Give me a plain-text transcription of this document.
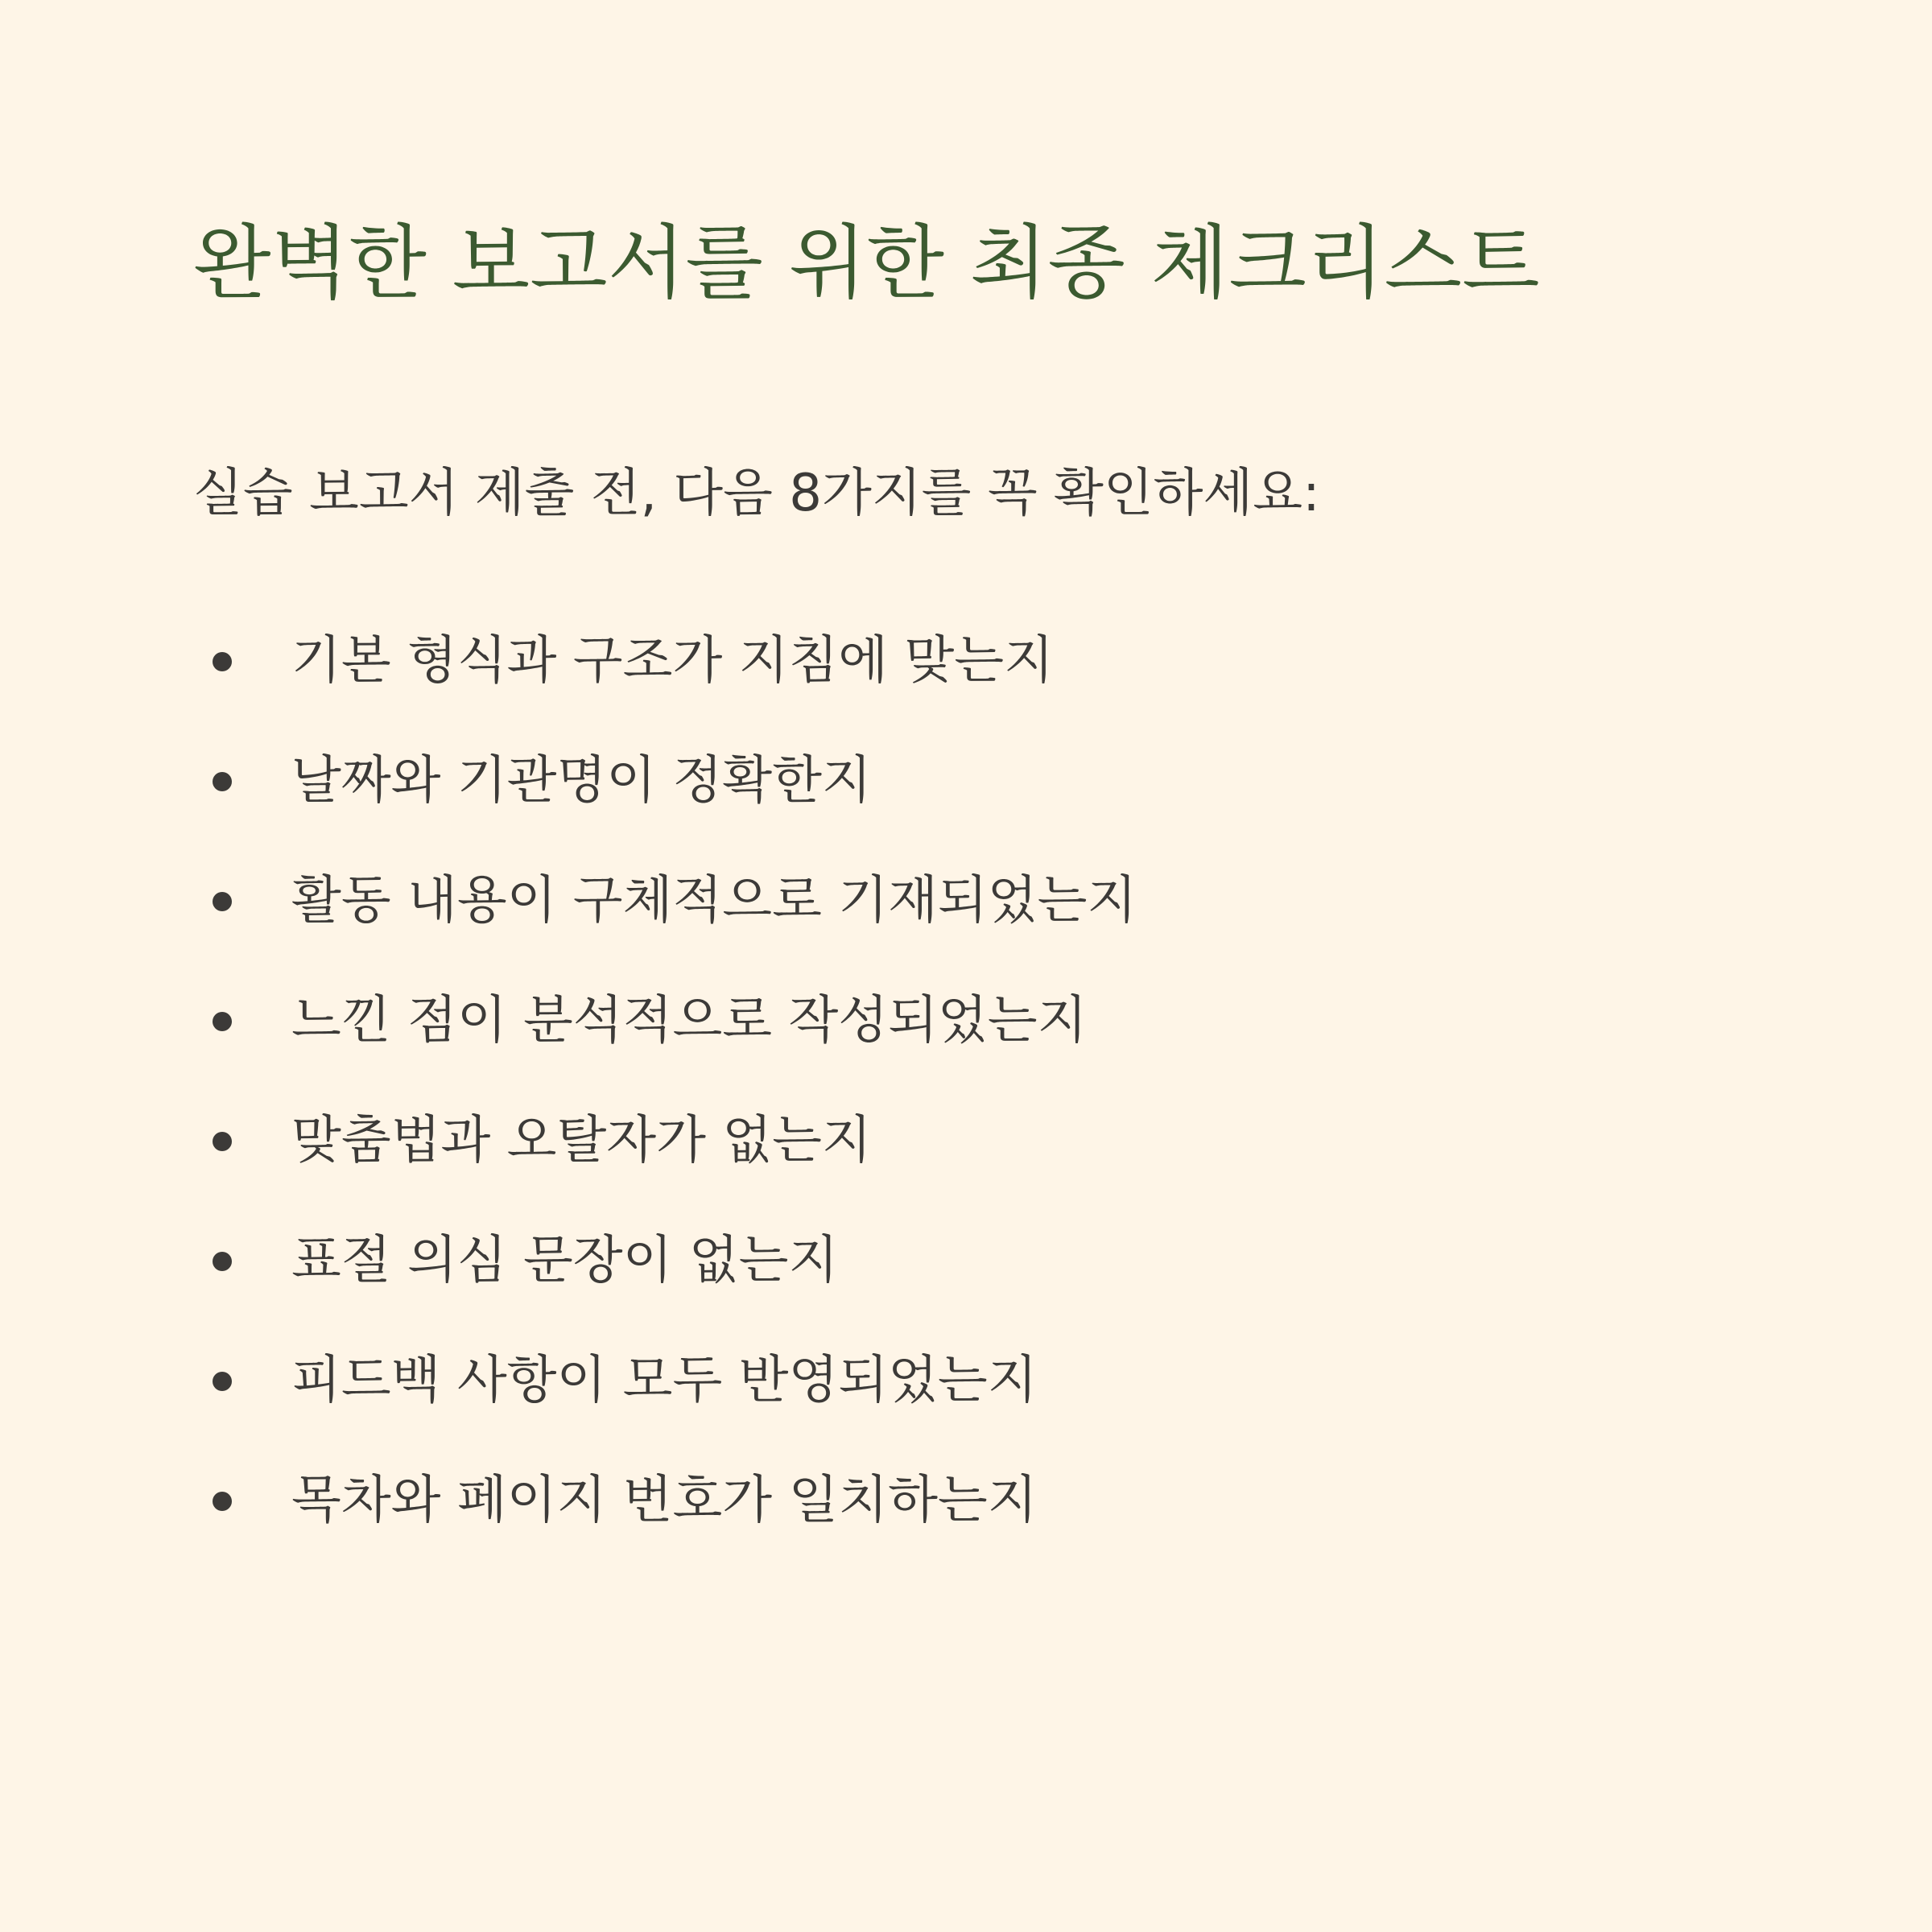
완벽한 보고서를 위한 최종 체크리스트

실습 보고서 제출 전, 다음 8가지를 꼭 확인하세요:

기본 형식과 구조가 지침에 맞는지
날짜와 기관명이 정확한지
활동 내용이 구체적으로 기재되었는지
느낀 점이 분석적으로 작성되었는지
맞춤법과 오탈자가 없는지
표절 의심 문장이 없는지
피드백 사항이 모두 반영되었는지
목차와 페이지 번호가 일치하는지
